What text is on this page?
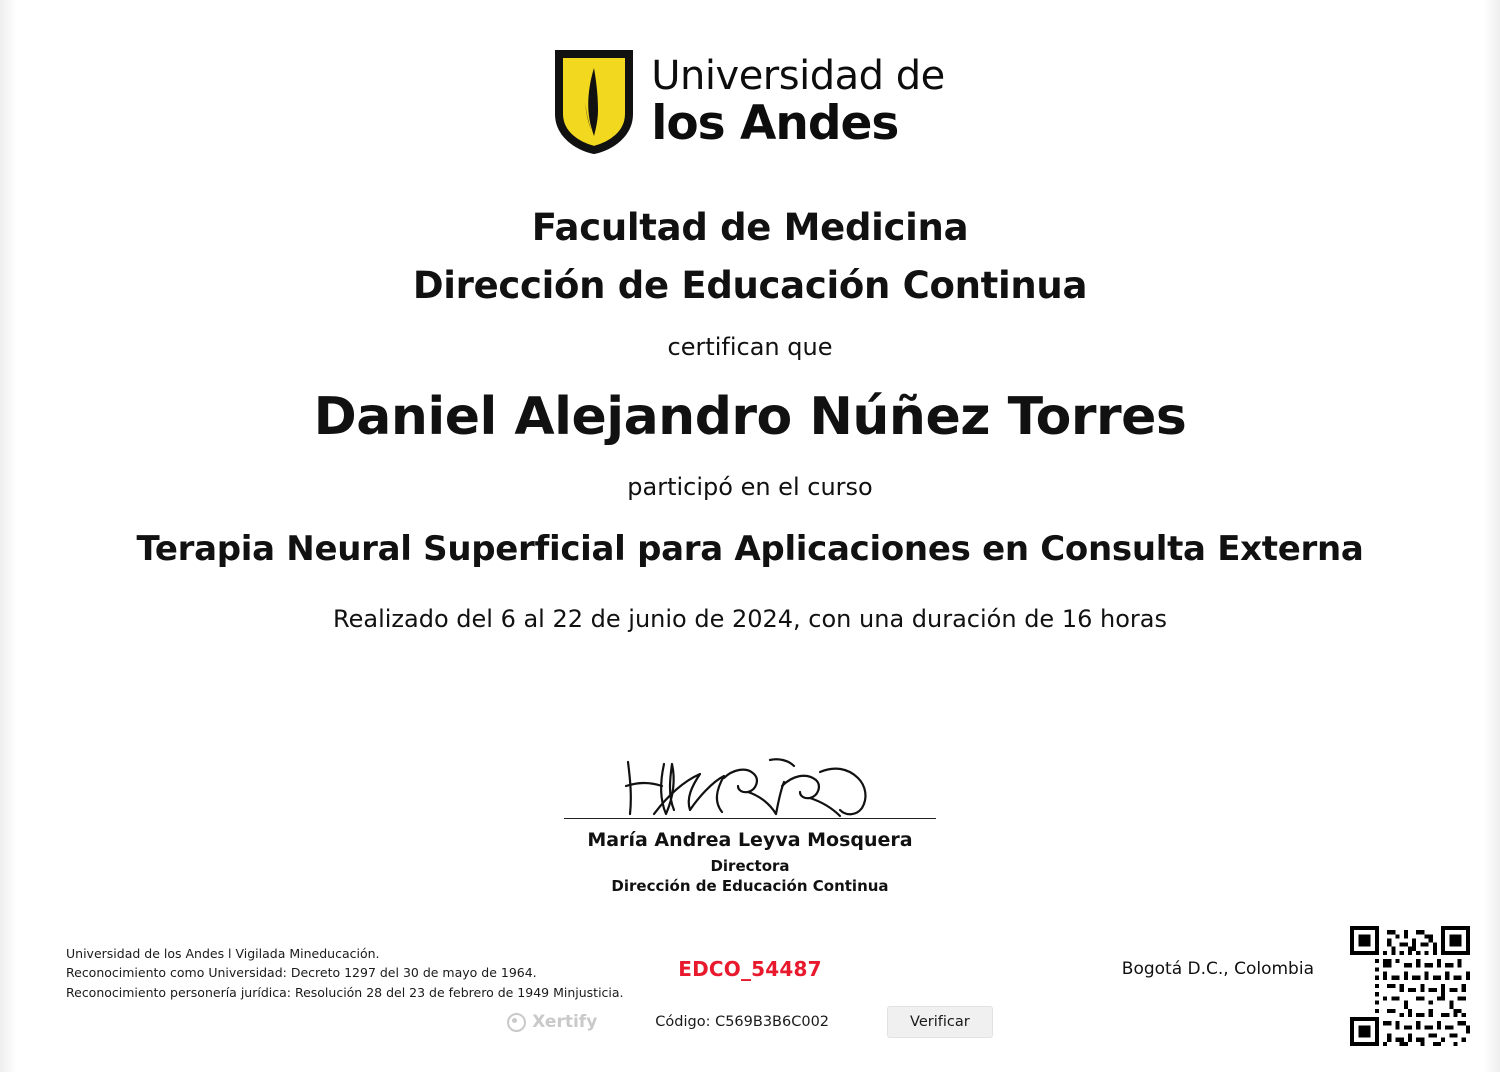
Universidad de
los Andes
Facultad de Medicina
Dirección de Educación Continua
certifican que
Daniel Alejandro Núñez Torres
participó en el curso
Terapia Neural Superficial para Aplicaciones en Consulta Externa
Realizado del 6 al 22 de junio de 2024, con una duración de 16 horas
María Andrea Leyva Mosquera
Directora
Dirección de Educación Continua
Universidad de los Andes l Vigilada Mineducación.
Reconocimiento como Universidad: Decreto 1297 del 30 de mayo de 1964.
Reconocimiento personería jurídica: Resolución 28 del 23 de febrero de 1949 Minjusticia.
EDCO_54487	Bogotá D.C., Colombia
Xertify	Código: C569B3B6C002	Verificar
